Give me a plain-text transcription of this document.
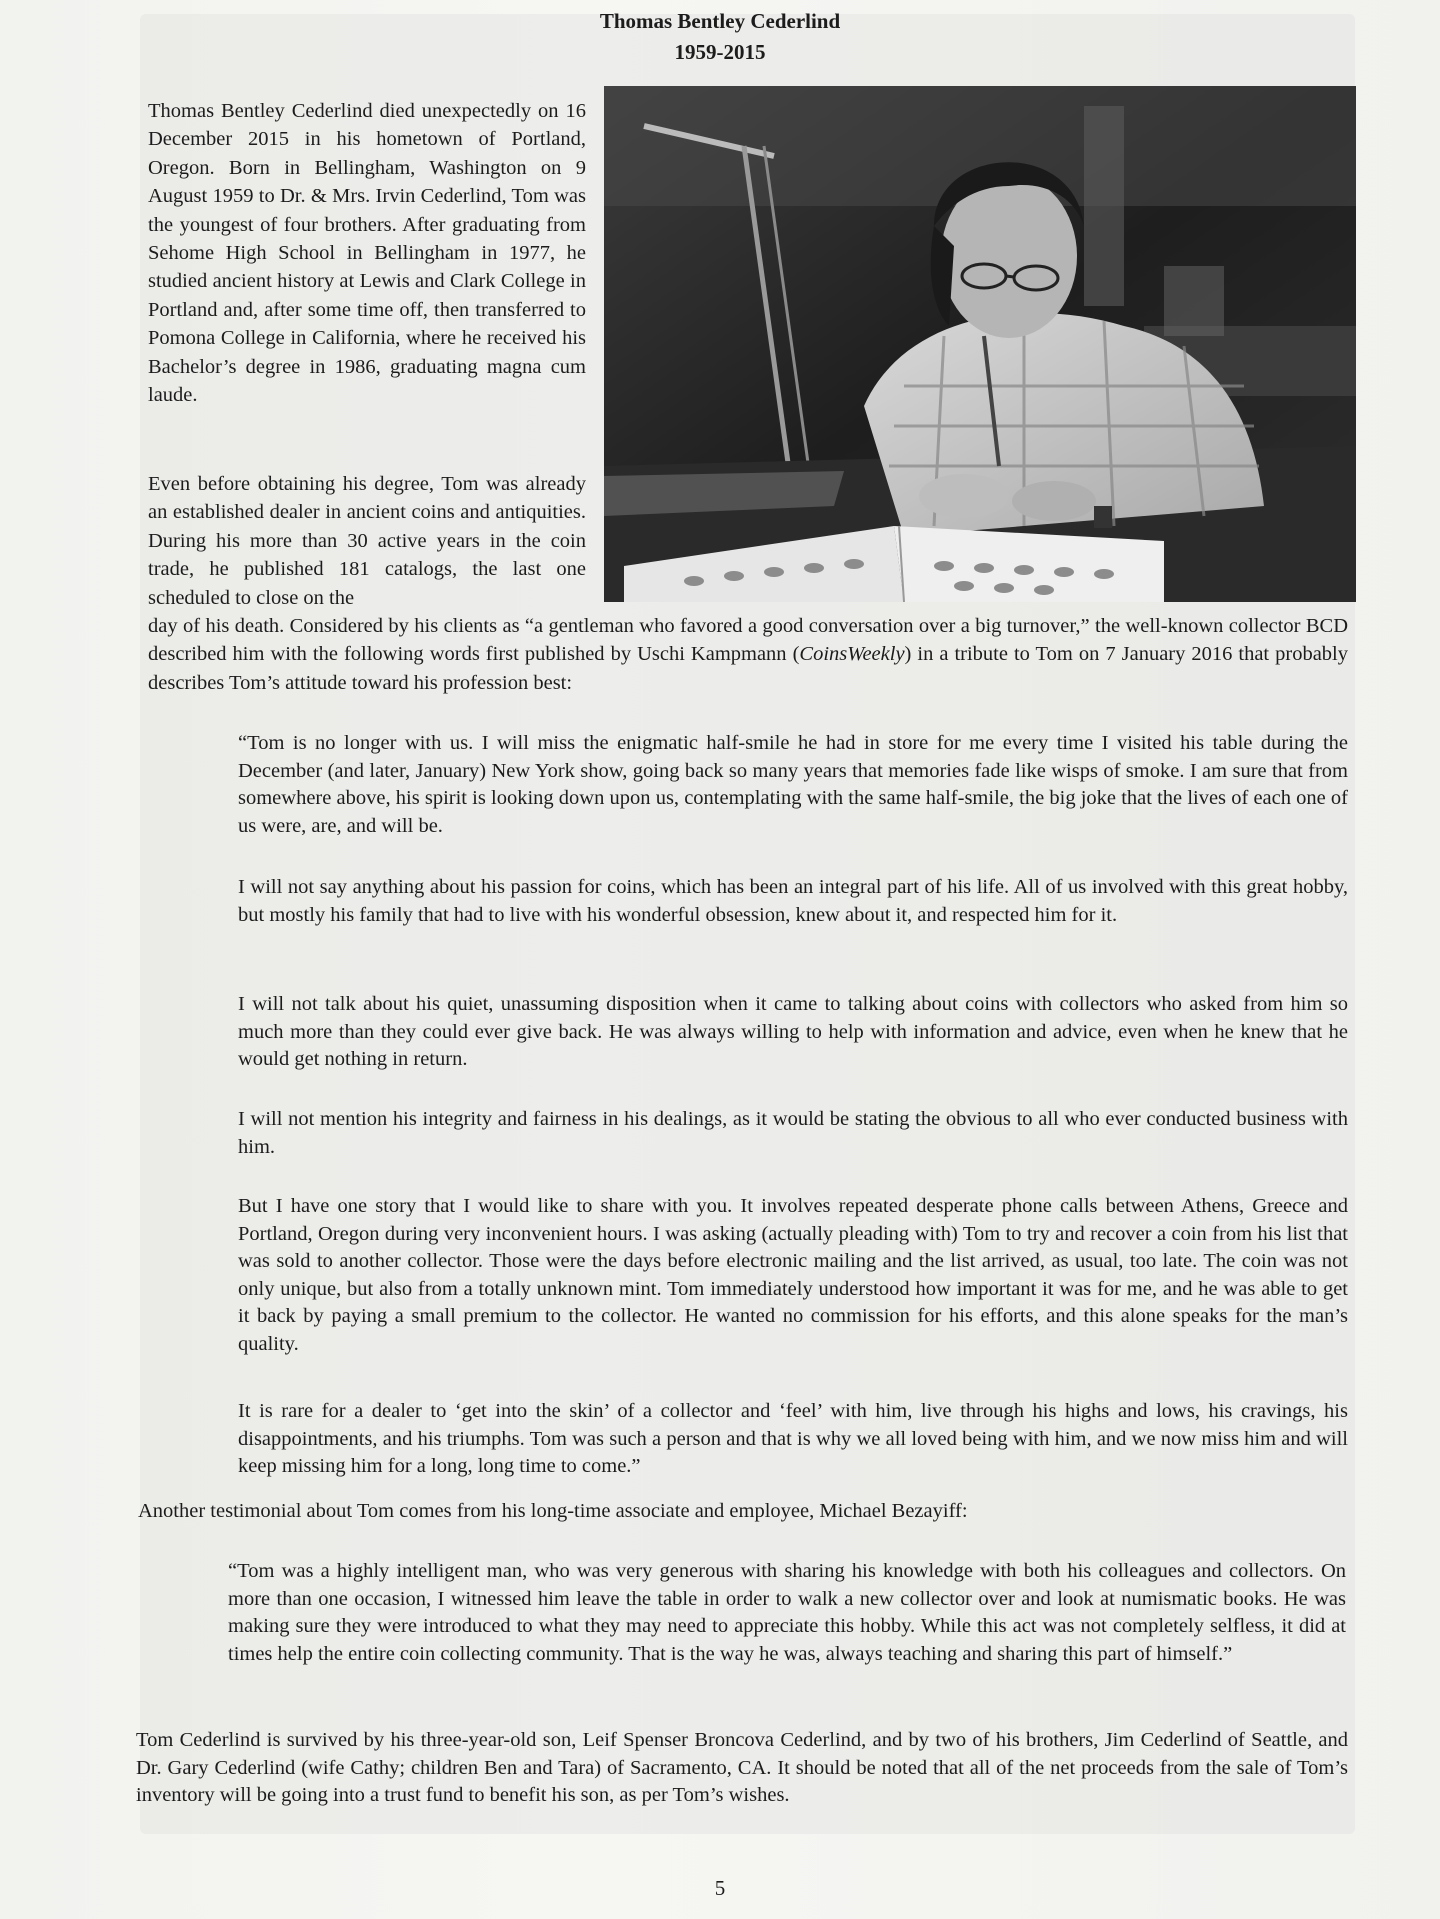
Thomas Bentley Cederlind
1959-2015

Thomas Bentley Cederlind died unexpectedly on 16 December 2015 in his hometown of Portland, Oregon. Born in Bellingham, Washington on 9 August 1959 to Dr. & Mrs. Irvin Cederlind, Tom was the youngest of four brothers. After graduating from Sehome High School in Bellingham in 1977, he studied ancient history at Lewis and Clark College in Portland and, after some time off, then transferred to Pomona College in California, where he received his Bachelor’s degree in 1986, graduating magna cum laude.

Even before obtaining his degree, Tom was already an established dealer in ancient coins and antiquities. During his more than 30 active years in the coin trade, he published 181 catalogs, the last one scheduled to close on the

day of his death. Considered by his clients as “a gentleman who favored a good conversation over a big turnover,” the well-known collector BCD described him with the following words first published by Uschi Kampmann (CoinsWeekly) in a tribute to Tom on 7 January 2016 that probably describes Tom’s attitude toward his profession best:

“Tom is no longer with us. I will miss the enigmatic half-smile he had in store for me every time I visited his table during the December (and later, January) New York show, going back so many years that memories fade like wisps of smoke. I am sure that from somewhere above, his spirit is looking down upon us, contemplating with the same half-smile, the big joke that the lives of each one of us were, are, and will be.

I will not say anything about his passion for coins, which has been an integral part of his life. All of us involved with this great hobby, but mostly his family that had to live with his wonderful obsession, knew about it, and respected him for it.

I will not talk about his quiet, unassuming disposition when it came to talking about coins with collectors who asked from him so much more than they could ever give back. He was always willing to help with information and advice, even when he knew that he would get nothing in return.

I will not mention his integrity and fairness in his dealings, as it would be stating the obvious to all who ever conducted business with him.

But I have one story that I would like to share with you. It involves repeated desperate phone calls between Athens, Greece and Portland, Oregon during very inconvenient hours. I was asking (actually pleading with) Tom to try and recover a coin from his list that was sold to another collector. Those were the days before electronic mailing and the list arrived, as usual, too late. The coin was not only unique, but also from a totally unknown mint. Tom immediately understood how important it was for me, and he was able to get it back by paying a small premium to the collector. He wanted no commission for his efforts, and this alone speaks for the man’s quality.

It is rare for a dealer to ‘get into the skin’ of a collector and ‘feel’ with him, live through his highs and lows, his cravings, his disappointments, and his triumphs. Tom was such a person and that is why we all loved being with him, and we now miss him and will keep missing him for a long, long time to come.”

Another testimonial about Tom comes from his long-time associate and employee, Michael Bezayiff:

“Tom was a highly intelligent man, who was very generous with sharing his knowledge with both his colleagues and collectors. On more than one occasion, I witnessed him leave the table in order to walk a new collector over and look at numismatic books. He was making sure they were introduced to what they may need to appreciate this hobby. While this act was not completely selfless, it did at times help the entire coin collecting community. That is the way he was, always teaching and sharing this part of himself.”

Tom Cederlind is survived by his three-year-old son, Leif Spenser Broncova Cederlind, and by two of his brothers, Jim Cederlind of Seattle, and Dr. Gary Cederlind (wife Cathy; children Ben and Tara) of Sacramento, CA. It should be noted that all of the net proceeds from the sale of Tom’s inventory will be going into a trust fund to benefit his son, as per Tom’s wishes.

5
